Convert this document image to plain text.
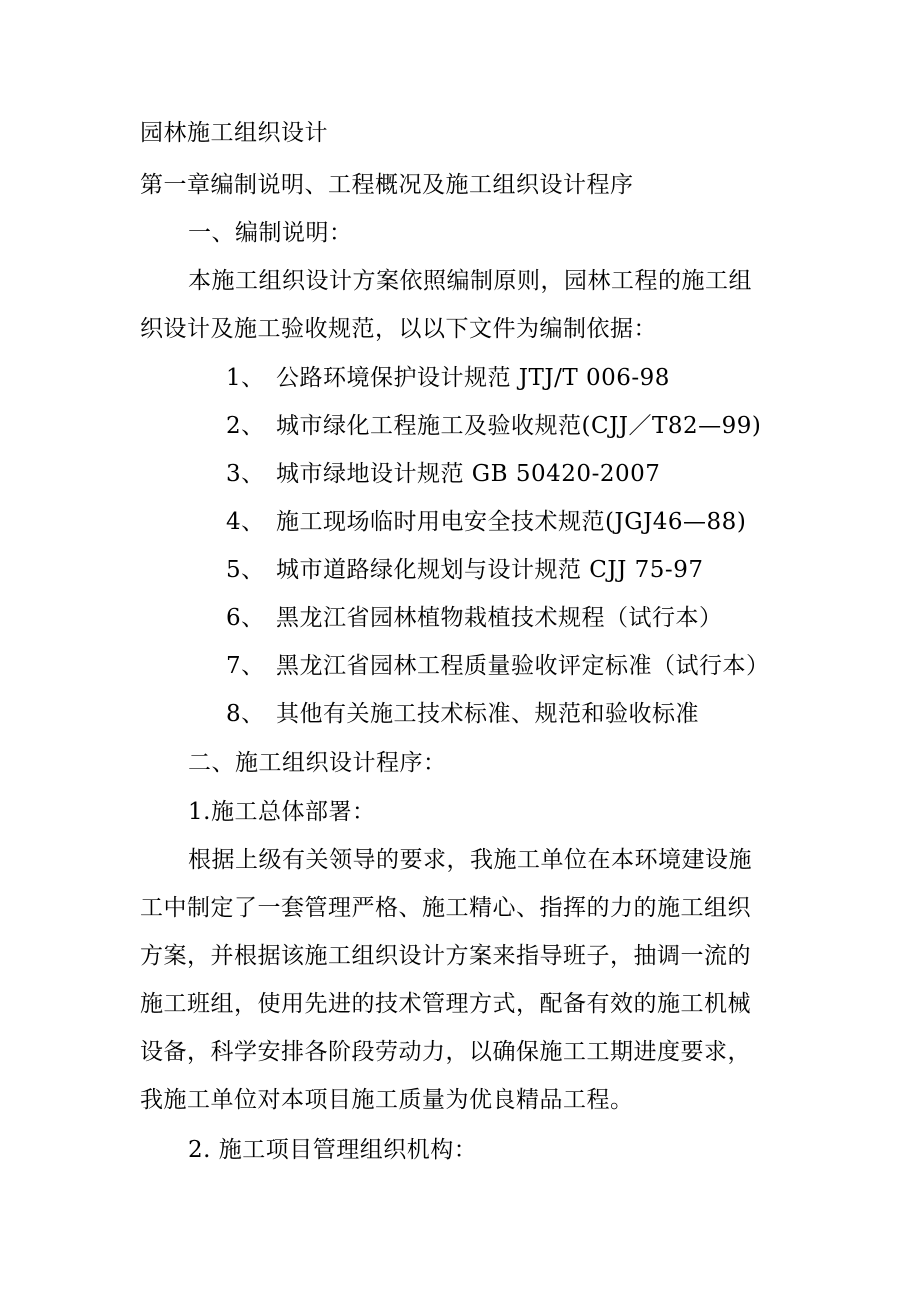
园林施工组织设计
第一章编制说明、工程概况及施工组织设计程序
一、编制说明：
本施工组织设计方案依照编制原则，园林工程的施工组
织设计及施工验收规范，以以下文件为编制依据：
1、 公路环境保护设计规范 JTJ/T 006-98
2、 城市绿化工程施工及验收规范(CJJ／T82—99)
3、 城市绿地设计规范 GB 50420-2007
4、 施工现场临时用电安全技术规范(JGJ46—88)
5、 城市道路绿化规划与设计规范 CJJ 75-97
6、 黑龙江省园林植物栽植技术规程（试行本）
7、 黑龙江省园林工程质量验收评定标准（试行本）
8、 其他有关施工技术标准、规范和验收标准
二、施工组织设计程序：
1.施工总体部署：
根据上级有关领导的要求，我施工单位在本环境建设施
工中制定了一套管理严格、施工精心、指挥的力的施工组织
方案，并根据该施工组织设计方案来指导班子，抽调一流的
施工班组，使用先进的技术管理方式，配备有效的施工机械
设备，科学安排各阶段劳动力，以确保施工工期进度要求，
我施工单位对本项目施工质量为优良精品工程。
2. 施工项目管理组织机构：
